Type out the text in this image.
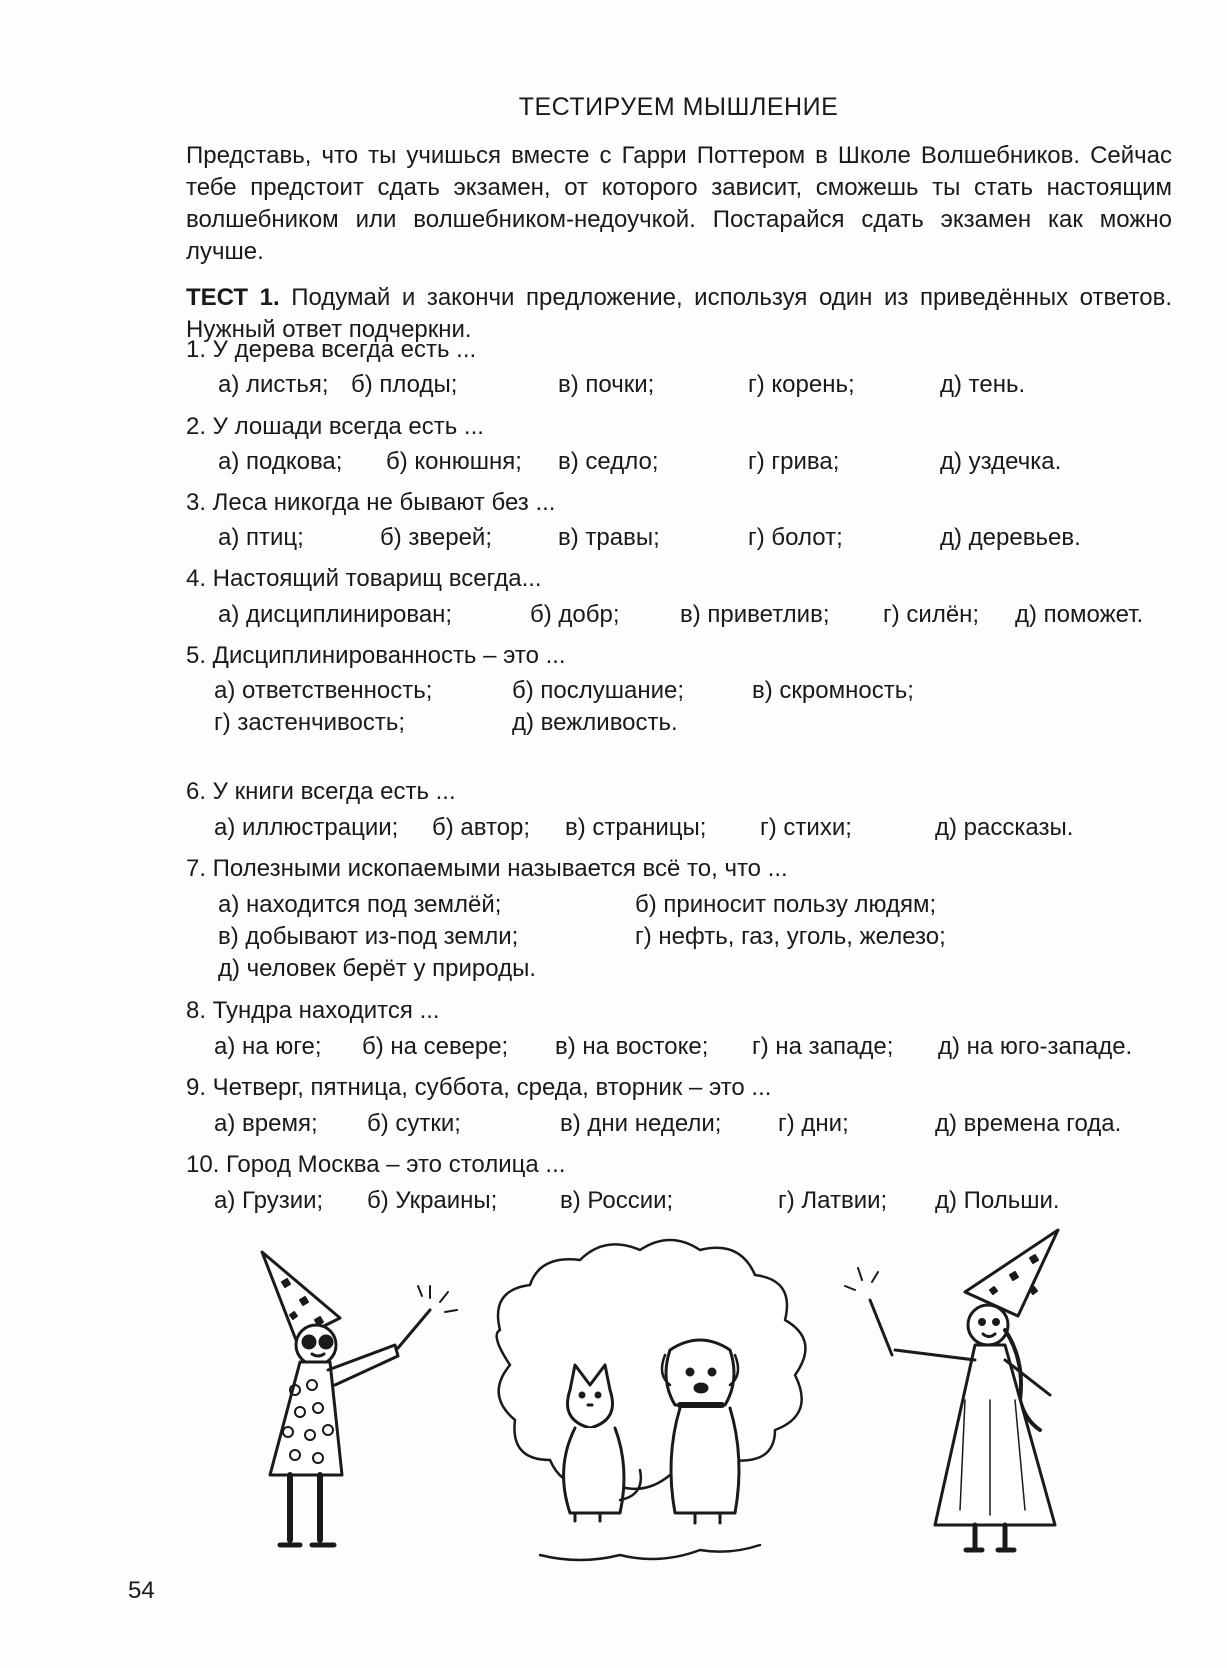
ТЕСТИРУЕМ МЫШЛЕНИЕ
Представь, что ты учишься вместе с Гарри Поттером в Школе Волшебников. Сейчас тебе предстоит сдать экзамен, от которого зависит, сможешь ты стать настоящим волшебником или волшебником-недоучкой. Постарайся сдать экзамен как можно лучше.
ТЕСТ 1. Подумай и закончи предложение, используя один из приведённых ответов. Нужный ответ подчеркни.
1. У дерева всегда есть ...
а) листья; б) плоды;	в) почки;	г) корень;	д) тень.
2. У лошади всегда есть ...
а) подкова; б) конюшня; в) седло;	г) грива;	д) уздечка.
3. Леса никогда не бывают без ...
а) птиц;	б) зверей;	в) травы;	г) болот;	д) деревьев.
4. Настоящий товарищ всегда...
а) дисциплинирован;	б) добр;	в) приветлив; г) силён; д) поможет.
5. Дисциплинированность – это ...
а) ответственность;	б) послушание;	в) скромность;
г) застенчивость;	д) вежливость.
6. У книги всегда есть ...
а) иллюстрации; б) автор; в) страницы; г) стихи;	д) рассказы.
7. Полезными ископаемыми называется всё то, что ...
а) находится под землёй;	б) приносит пользу людям;
в) добывают из-под земли;	г) нефть, газ, уголь, железо;
д) человек берёт у природы.
8. Тундра находится ...
а) на юге; б) на севере; в) на востоке; г) на западе; д) на юго-западе.
9. Четверг, пятница, суббота, среда, вторник – это ...
а) время; б) сутки;	в) дни недели; г) дни;	д) времена года.
10. Город Москва – это столица ...
а) Грузии; б) Украины;	в) России;	г) Латвии; д) Польши.
54
